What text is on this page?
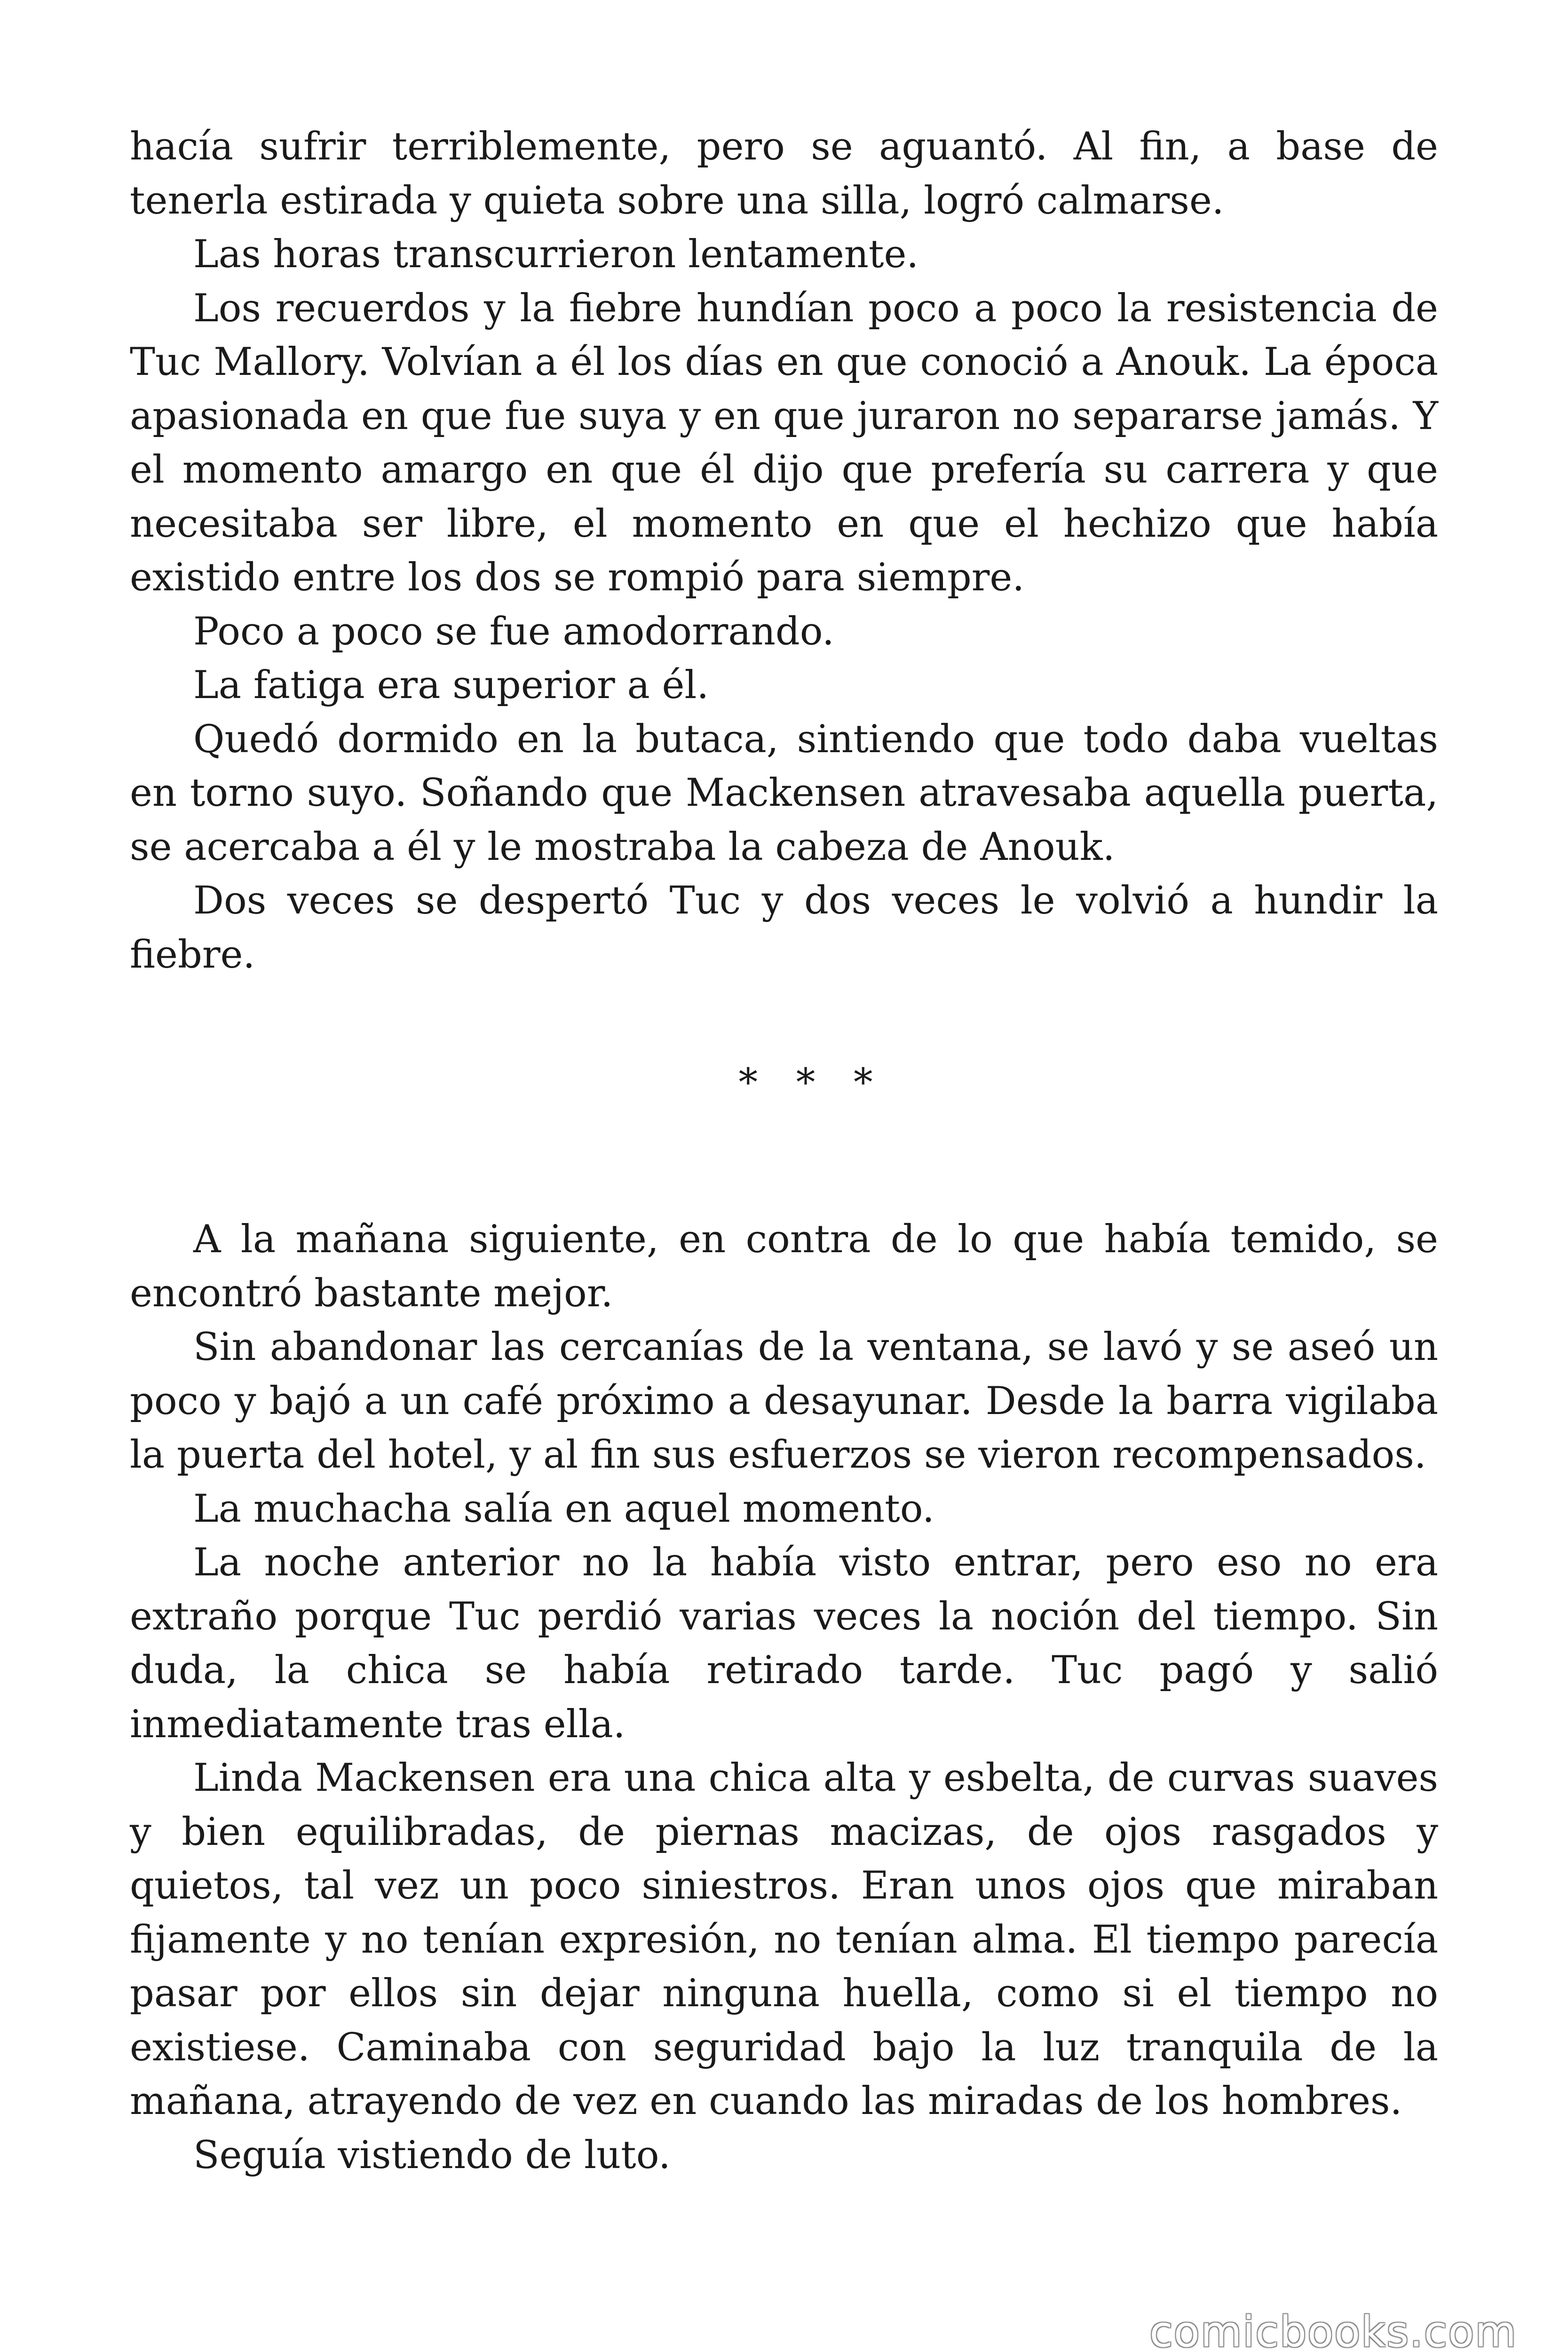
hacía sufrir terriblemente, pero se aguantó. Al fin, a base de tenerla estirada y quieta sobre una silla, logró calmarse.

Las horas transcurrieron lentamente.

Los recuerdos y la fiebre hundían poco a poco la resistencia de Tuc Mallory. Volvían a él los días en que conoció a Anouk. La época apasionada en que fue suya y en que juraron no separarse jamás. Y el momento amargo en que él dijo que prefería su carrera y que necesitaba ser libre, el momento en que el hechizo que había existido entre los dos se rompió para siempre.

Poco a poco se fue amodorrando.

La fatiga era superior a él.

Quedó dormido en la butaca, sintiendo que todo daba vueltas en torno suyo. Soñando que Mackensen atravesaba aquella puerta, se acercaba a él y le mostraba la cabeza de Anouk.

Dos veces se despertó Tuc y dos veces le volvió a hundir la fiebre.

* * *

A la mañana siguiente, en contra de lo que había temido, se encontró bastante mejor.

Sin abandonar las cercanías de la ventana, se lavó y se aseó un poco y bajó a un café próximo a desayunar. Desde la barra vigilaba la puerta del hotel, y al fin sus esfuerzos se vieron recompensados.

La muchacha salía en aquel momento.

La noche anterior no la había visto entrar, pero eso no era extraño porque Tuc perdió varias veces la noción del tiempo. Sin duda, la chica se había retirado tarde. Tuc pagó y salió inmediatamente tras ella.

Linda Mackensen era una chica alta y esbelta, de curvas suaves y bien equilibradas, de piernas macizas, de ojos rasgados y quietos, tal vez un poco siniestros. Eran unos ojos que miraban fijamente y no tenían expresión, no tenían alma. El tiempo parecía pasar por ellos sin dejar ninguna huella, como si el tiempo no existiese. Caminaba con seguridad bajo la luz tranquila de la mañana, atrayendo de vez en cuando las miradas de los hombres.

Seguía vistiendo de luto.

comicbooks.com
